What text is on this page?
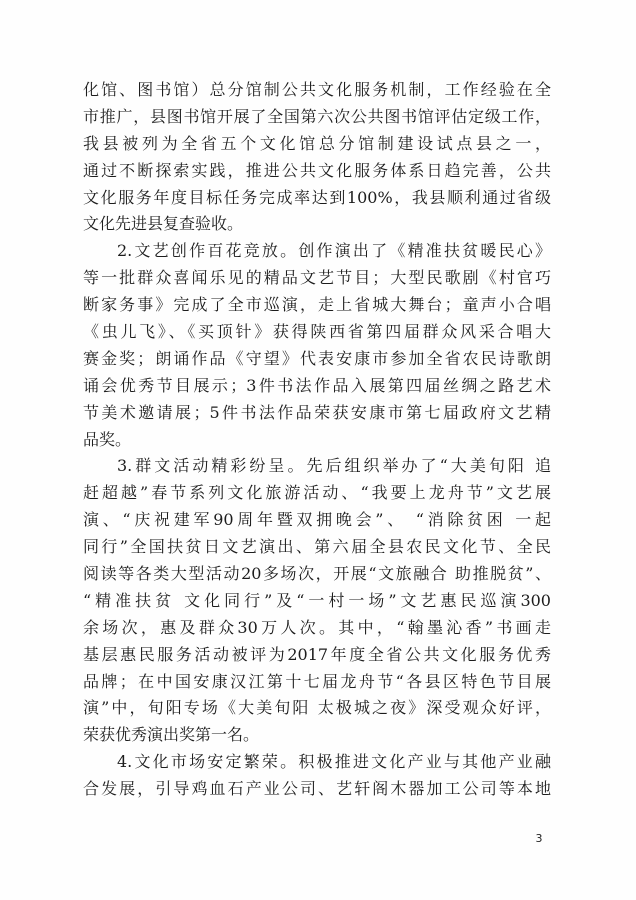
化馆、图书馆）总分馆制公共文化服务机制，工作经验在全
市推广，县图书馆开展了全国第六次公共图书馆评估定级工作，
我县被列为全省五个文化馆总分馆制建设试点县之一，
通过不断探索实践，推进公共文化服务体系日趋完善，公共
文化服务年度目标任务完成率达到100%，我县顺利通过省级
文化先进县复查验收。
2.文艺创作百花竞放。创作演出了《精准扶贫暖民心》
等一批群众喜闻乐见的精品文艺节目；大型民歌剧《村官巧
断家务事》完成了全市巡演，走上省城大舞台；童声小合唱
《虫儿飞》、《买顶针》获得陕西省第四届群众风采合唱大
赛金奖；朗诵作品《守望》代表安康市参加全省农民诗歌朗
诵会优秀节目展示；3件书法作品入展第四届丝绸之路艺术
节美术邀请展；5件书法作品荣获安康市第七届政府文艺精
品奖。
3.群文活动精彩纷呈。先后组织举办了“大美旬阳 追
赶超越”春节系列文化旅游活动、“我要上龙舟节”文艺展
演、“庆祝建军90周年暨双拥晚会”、 “消除贫困 一起
同行”全国扶贫日文艺演出、第六届全县农民文化节、全民
阅读等各类大型活动20多场次，开展“文旅融合 助推脱贫”、
“精准扶贫 文化同行”及“一村一场”文艺惠民巡演300
余场次，惠及群众30万人次。其中，“翰墨沁香”书画走
基层惠民服务活动被评为2017年度全省公共文化服务优秀
品牌；在中国安康汉江第十七届龙舟节“各县区特色节目展
演”中，旬阳专场《大美旬阳 太极城之夜》深受观众好评，
荣获优秀演出奖第一名。
4.文化市场安定繁荣。积极推进文化产业与其他产业融
合发展，引导鸡血石产业公司、艺轩阁木器加工公司等本地
3
